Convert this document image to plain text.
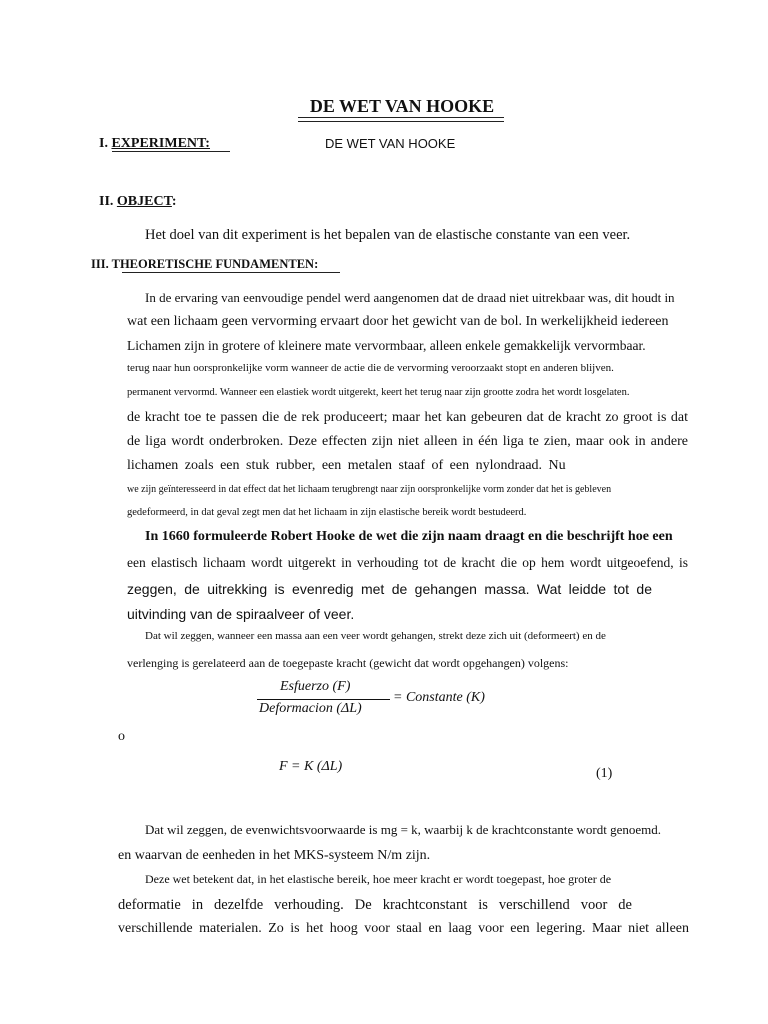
DE WET VAN HOOKE
I. EXPERIMENT:	DE WET VAN HOOKE
II. OBJECT:
Het doel van dit experiment is het bepalen van de elastische constante van een veer.
III. THEORETISCHE FUNDAMENTEN:
In de ervaring van eenvoudige pendel werd aangenomen dat de draad niet uitrekbaar was, dit houdt in
wat een lichaam geen vervorming ervaart door het gewicht van de bol. In werkelijkheid iedereen
Lichamen zijn in grotere of kleinere mate vervormbaar, alleen enkele gemakkelijk vervormbaar.
terug naar hun oorspronkelijke vorm wanneer de actie die de vervorming veroorzaakt stopt en anderen blijven.
permanent vervormd. Wanneer een elastiek wordt uitgerekt, keert het terug naar zijn grootte zodra het wordt losgelaten.
de kracht toe te passen die de rek produceert; maar het kan gebeuren dat de kracht zo groot is dat
de liga wordt onderbroken. Deze effecten zijn niet alleen in één liga te zien, maar ook in andere
lichamen zoals een stuk rubber, een metalen staaf of een nylondraad. Nu
we zijn geïnteresseerd in dat effect dat het lichaam terugbrengt naar zijn oorspronkelijke vorm zonder dat het is gebleven
gedeformeerd, in dat geval zegt men dat het lichaam in zijn elastische bereik wordt bestudeerd.
In 1660 formuleerde Robert Hooke de wet die zijn naam draagt en die beschrijft hoe een
een elastisch lichaam wordt uitgerekt in verhouding tot de kracht die op hem wordt uitgeoefend, is
zeggen, de uitrekking is evenredig met de gehangen massa. Wat leidde tot de
uitvinding van de spiraalveer of veer.
Dat wil zeggen, wanneer een massa aan een veer wordt gehangen, strekt deze zich uit (deformeert) en de
verlenging is gerelateerd aan de toegepaste kracht (gewicht dat wordt opgehangen) volgens:
Esfuerzo (F)
Deformacion (ΔL)
= Constante (K)
o
F = K (ΔL)	(1)
Dat wil zeggen, de evenwichtsvoorwaarde is mg = k, waarbij k de krachtconstante wordt genoemd.
en waarvan de eenheden in het MKS-systeem N/m zijn.
Deze wet betekent dat, in het elastische bereik, hoe meer kracht er wordt toegepast, hoe groter de
deformatie in dezelfde verhouding. De krachtconstant is verschillend voor de
verschillende materialen. Zo is het hoog voor staal en laag voor een legering. Maar niet alleen
